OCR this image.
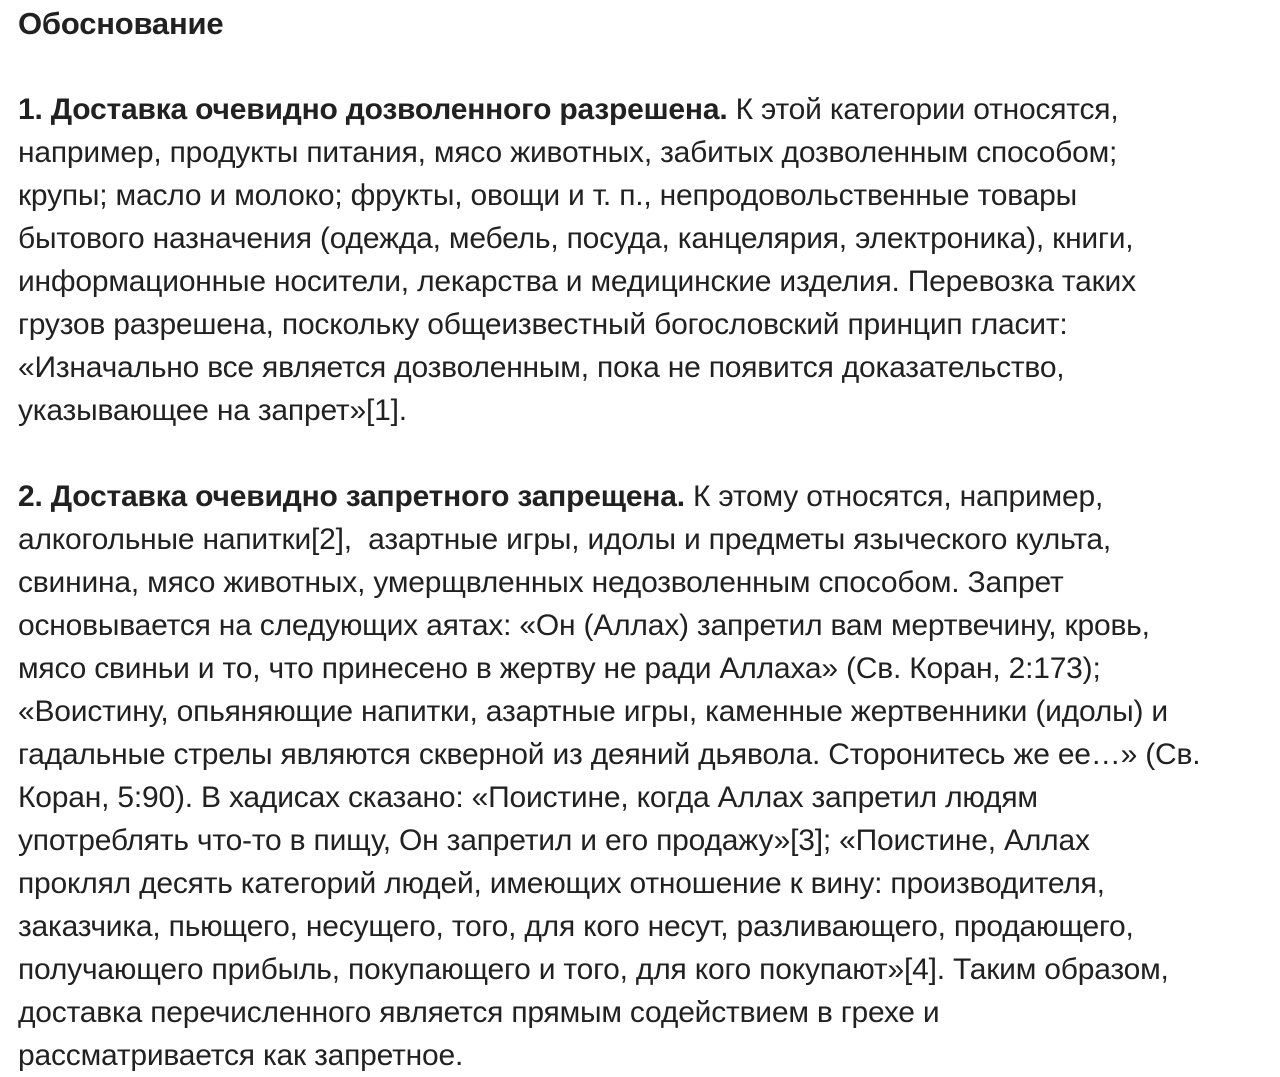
Обоснование
1. Доставка очевидно дозволенного разрешена. К этой категории относятся,
например, продукты питания, мясо животных, забитых дозволенным способом;
крупы; масло и молоко; фрукты, овощи и т. п., непродовольственные товары
бытового назначения (одежда, мебель, посуда, канцелярия, электроника), книги,
информационные носители, лекарства и медицинские изделия. Перевозка таких
грузов разрешена, поскольку общеизвестный богословский принцип гласит:
«Изначально все является дозволенным, пока не появится доказательство,
указывающее на запрет»[1].
2. Доставка очевидно запретного запрещена. К этому относятся, например,
алкогольные напитки[2],  азартные игры, идолы и предметы языческого культа,
свинина, мясо животных, умерщвленных недозволенным способом. Запрет
основывается на следующих аятах: «Он (Аллах) запретил вам мертвечину, кровь,
мясо свиньи и то, что принесено в жертву не ради Аллаха» (Св. Коран, 2:173);
«Воистину, опьяняющие напитки, азартные игры, каменные жертвенники (идолы) и
гадальные стрелы являются скверной из деяний дьявола. Сторонитесь же ее…» (Св.
Коран, 5:90). В хадисах сказано: «Поистине, когда Аллах запретил людям
употреблять что-то в пищу, Он запретил и его продажу»[3]; «Поистине, Аллах
проклял десять категорий людей, имеющих отношение к вину: производителя,
заказчика, пьющего, несущего, того, для кого несут, разливающего, продающего,
получающего прибыль, покупающего и того, для кого покупают»[4]. Таким образом,
доставка перечисленного является прямым содействием в грехе и
рассматривается как запретное.
